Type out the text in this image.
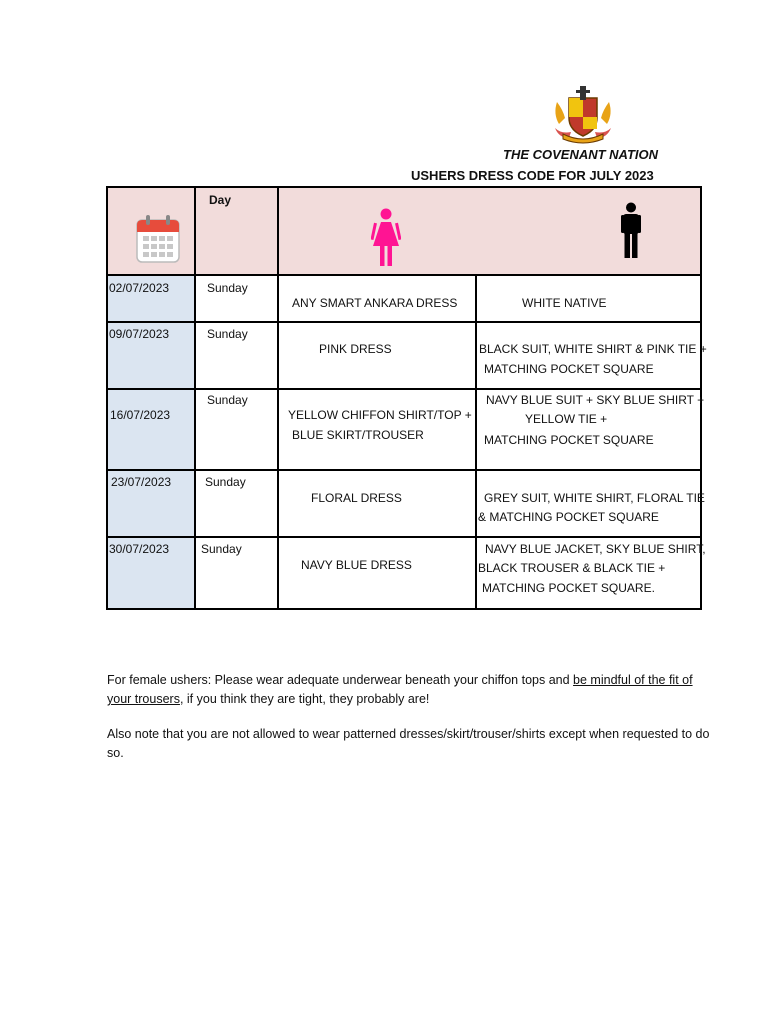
THE COVENANT NATION
USHERS DRESS CODE FOR JULY 2023

Day

02/07/2023	Sunday	ANY SMART ANKARA DRESS	WHITE NATIVE

09/07/2023	Sunday	PINK DRESS	BLACK SUIT, WHITE SHIRT & PINK TIE +
MATCHING POCKET SQUARE

16/07/2023	Sunday	YELLOW CHIFFON SHIRT/TOP +
BLUE SKIRT/TROUSER	NAVY BLUE SUIT + SKY BLUE SHIRT +
YELLOW TIE +
MATCHING POCKET SQUARE

23/07/2023	Sunday	FLORAL DRESS	GREY SUIT, WHITE SHIRT, FLORAL TIE
& MATCHING POCKET SQUARE

30/07/2023	Sunday	NAVY BLUE DRESS	NAVY BLUE JACKET, SKY BLUE SHIRT,
BLACK TROUSER & BLACK TIE +
MATCHING POCKET SQUARE.

For female ushers: Please wear adequate underwear beneath your chiffon tops and be mindful of the fit of your trousers, if you think they are tight, they probably are!

Also note that you are not allowed to wear patterned dresses/skirt/trouser/shirts except when requested to do so.
